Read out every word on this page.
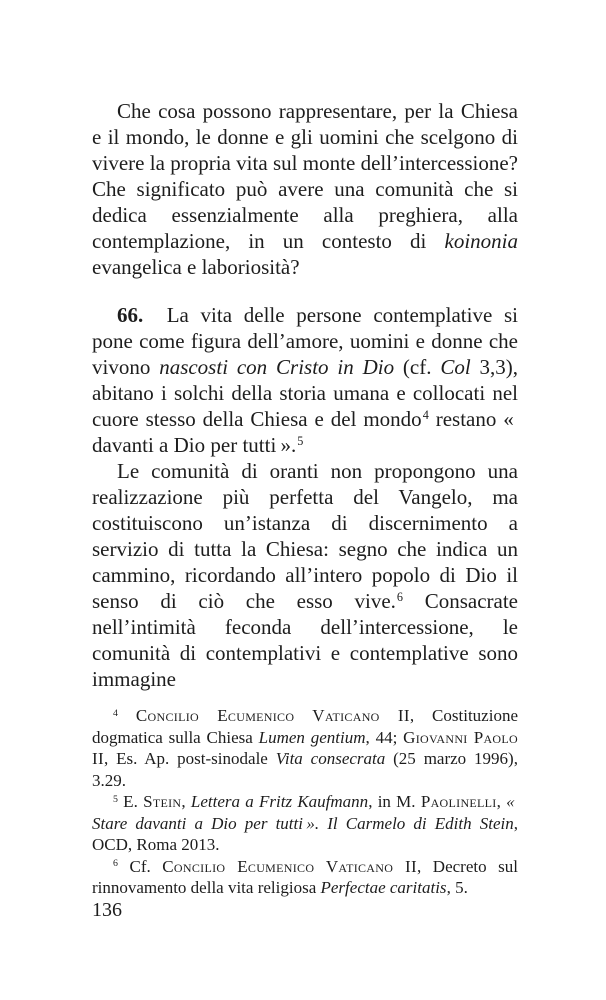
Che cosa possono rappresentare, per la Chiesa e il mondo, le donne e gli uomini che scelgono di vivere la propria vita sul monte dell’intercessione? Che significato può avere una comunità che si dedica essenzialmente alla preghiera, alla contemplazione, in un contesto di koinonia evangelica e laboriosità?

66.  La vita delle persone contemplative si pone come figura dell’amore, uomini e donne che vivono nascosti con Cristo in Dio (cf. Col 3,3), abitano i solchi della storia umana e collocati nel cuore stesso della Chiesa e del mondo$^4$ restano « davanti a Dio per tutti ».$^5$

Le comunità di oranti non propongono una realizzazione più perfetta del Vangelo, ma costituiscono un’istanza di discernimento a servizio di tutta la Chiesa: segno che indica un cammino, ricordando all’intero popolo di Dio il senso di ciò che esso vive.$^6$ Consacrate nell’intimità feconda dell’intercessione, le comunità di contemplativi e contemplative sono immagine

$^4$ Concilio Ecumenico Vaticano II, Costituzione dogmatica sulla Chiesa Lumen gentium, 44; Giovanni Paolo II, Es. Ap. post-sinodale Vita consecrata (25 marzo 1996), 3.29.

$^5$ E. Stein, Lettera a Fritz Kaufmann, in M. Paolinelli, « Stare davanti a Dio per tutti ». Il Carmelo di Edith Stein, OCD, Roma 2013.

$^6$ Cf. Concilio Ecumenico Vaticano II, Decreto sul rinnovamento della vita religiosa Perfectae caritatis, 5.

136
